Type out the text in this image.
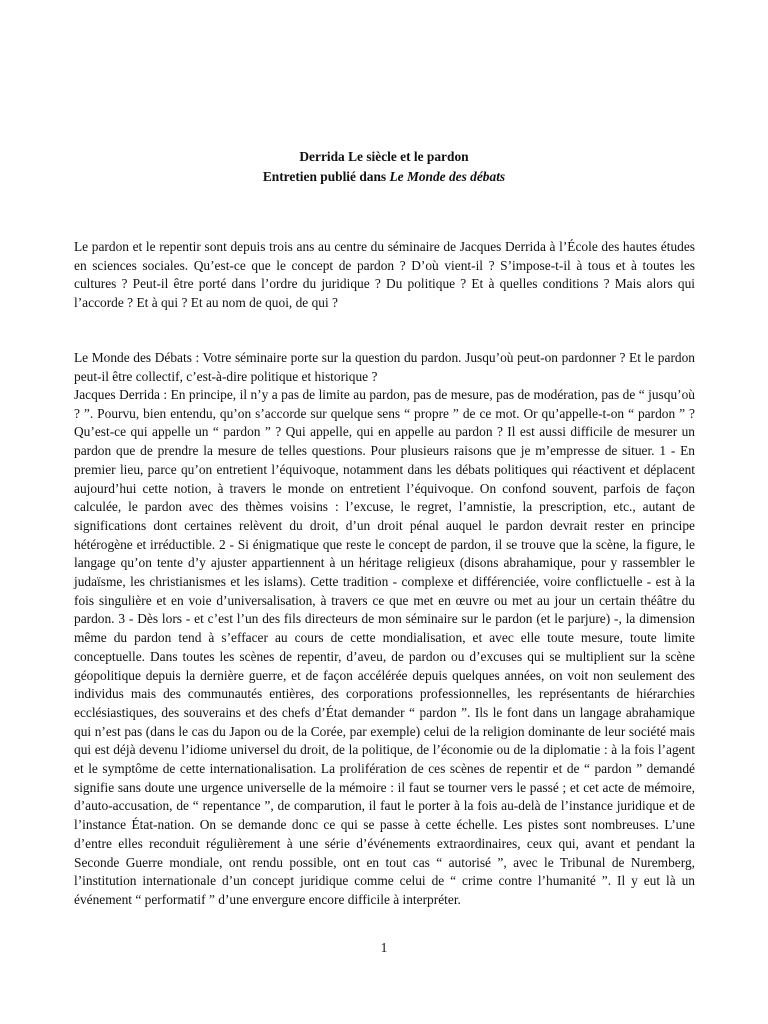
Derrida Le siècle et le pardon
Entretien publié dans Le Monde des débats

Le pardon et le repentir sont depuis trois ans au centre du séminaire de Jacques Derrida à l’École des hautes études en sciences sociales. Qu’est-ce que le concept de pardon ? D’où vient-il ? S’impose-t-il à tous et à toutes les cultures ? Peut-il être porté dans l’ordre du juridique ? Du politique ? Et à quelles conditions ? Mais alors qui l’accorde ? Et à qui ? Et au nom de quoi, de qui ?

Le Monde des Débats : Votre séminaire porte sur la question du pardon. Jusqu’où peut-on pardonner ? Et le pardon peut-il être collectif, c’est-à-dire politique et historique ?

Jacques Derrida : En principe, il n’y a pas de limite au pardon, pas de mesure, pas de modération, pas de “ jusqu’où ? ”. Pourvu, bien entendu, qu’on s’accorde sur quelque sens “ propre ” de ce mot. Or qu’appelle-t-on “ pardon ” ? Qu’est-ce qui appelle un “ pardon ” ? Qui appelle, qui en appelle au pardon ? Il est aussi difficile de mesurer un pardon que de prendre la mesure de telles questions. Pour plusieurs raisons que je m’empresse de situer. 1 - En premier lieu, parce qu’on entretient l’équivoque, notamment dans les débats politiques qui réactivent et déplacent aujourd’hui cette notion, à travers le monde on entretient l’équivoque. On confond souvent, parfois de façon calculée, le pardon avec des thèmes voisins : l’excuse, le regret, l’amnistie, la prescription, etc., autant de significations dont certaines relèvent du droit, d’un droit pénal auquel le pardon devrait rester en principe hétérogène et irréductible. 2 - Si énigmatique que reste le concept de pardon, il se trouve que la scène, la figure, le langage qu’on tente d’y ajuster appartiennent à un héritage religieux (disons abrahamique, pour y rassembler le judaïsme, les christianismes et les islams). Cette tradition - complexe et différenciée, voire conflictuelle - est à la fois singulière et en voie d’universalisation, à travers ce que met en œuvre ou met au jour un certain théâtre du pardon. 3 - Dès lors - et c’est l’un des fils directeurs de mon séminaire sur le pardon (et le parjure) -, la dimension même du pardon tend à s’effacer au cours de cette mondialisation, et avec elle toute mesure, toute limite conceptuelle. Dans toutes les scènes de repentir, d’aveu, de pardon ou d’excuses qui se multiplient sur la scène géopolitique depuis la dernière guerre, et de façon accélérée depuis quelques années, on voit non seulement des individus mais des communautés entières, des corporations professionnelles, les représentants de hiérarchies ecclésiastiques, des souverains et des chefs d’État demander “ pardon ”. Ils le font dans un langage abrahamique qui n’est pas (dans le cas du Japon ou de la Corée, par exemple) celui de la religion dominante de leur société mais qui est déjà devenu l’idiome universel du droit, de la politique, de l’économie ou de la diplomatie : à la fois l’agent et le symptôme de cette internationalisation. La prolifération de ces scènes de repentir et de “ pardon ” demandé signifie sans doute une urgence universelle de la mémoire : il faut se tourner vers le passé ; et cet acte de mémoire, d’auto-accusation, de “ repentance ”, de comparution, il faut le porter à la fois au-delà de l’instance juridique et de l’instance État-nation. On se demande donc ce qui se passe à cette échelle. Les pistes sont nombreuses. L’une d’entre elles reconduit régulièrement à une série d’événements extraordinaires, ceux qui, avant et pendant la Seconde Guerre mondiale, ont rendu possible, ont en tout cas “ autorisé ”, avec le Tribunal de Nuremberg, l’institution internationale d’un concept juridique comme celui de “ crime contre l’humanité ”. Il y eut là un événement “ performatif ” d’une envergure encore difficile à interpréter.

1
